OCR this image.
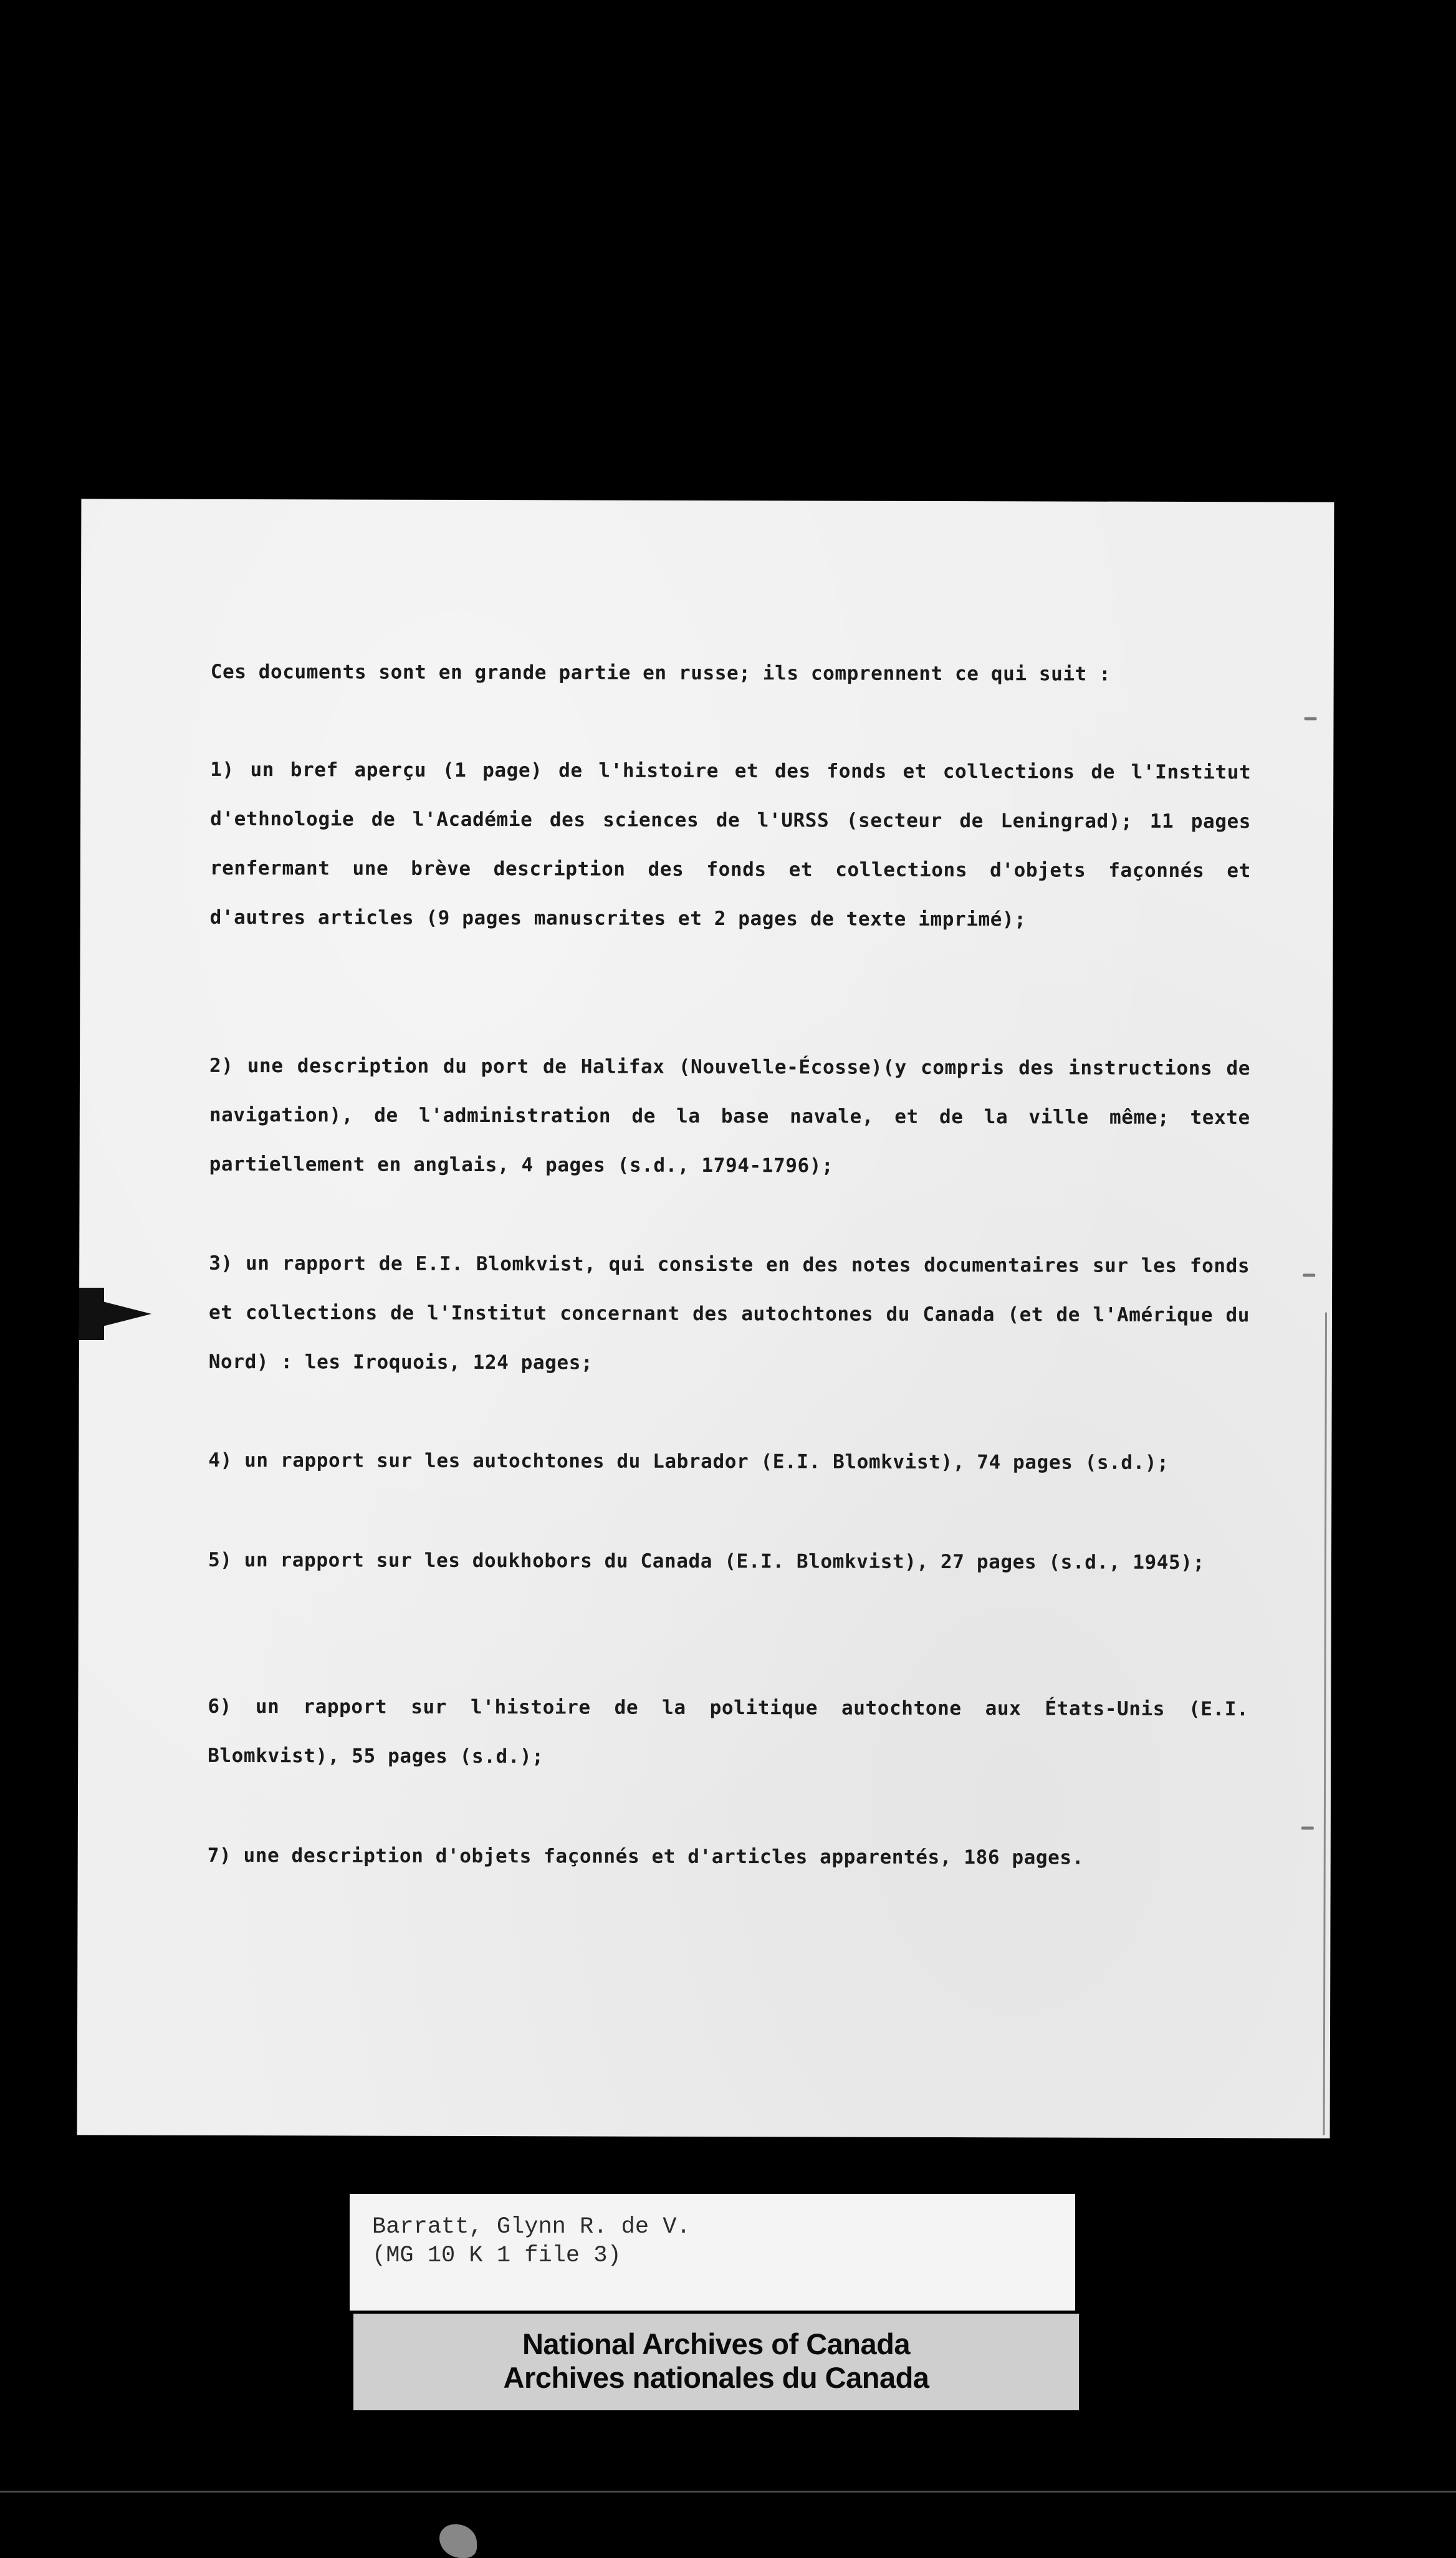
Ces documents sont en grande partie en russe; ils comprennent ce qui suit :

1) un bref aperçu (1 page) de l'histoire et des fonds et collections de l'Institut d'ethnologie de l'Académie des sciences de l'URSS (secteur de Leningrad); 11 pages renfermant une brève description des fonds et collections d'objets façonnés et d'autres articles (9 pages manuscrites et 2 pages de texte imprimé);

2) une description du port de Halifax (Nouvelle-Écosse)(y compris des instructions de navigation), de l'administration de la base navale, et de la ville même; texte partiellement en anglais, 4 pages (s.d., 1794-1796);

3) un rapport de E.I. Blomkvist, qui consiste en des notes documentaires sur les fonds et collections de l'Institut concernant des autochtones du Canada (et de l'Amérique du Nord) : les Iroquois, 124 pages;

4) un rapport sur les autochtones du Labrador (E.I. Blomkvist), 74 pages (s.d.);

5) un rapport sur les doukhobors du Canada (E.I. Blomkvist), 27 pages (s.d., 1945);

6) un rapport sur l'histoire de la politique autochtone aux États-Unis (E.I. Blomkvist), 55 pages (s.d.);

7) une description d'objets façonnés et d'articles apparentés, 186 pages.

Barratt, Glynn R. de V.

(MG 10 K 1 file 3)

National Archives of Canada
Archives nationales du Canada
